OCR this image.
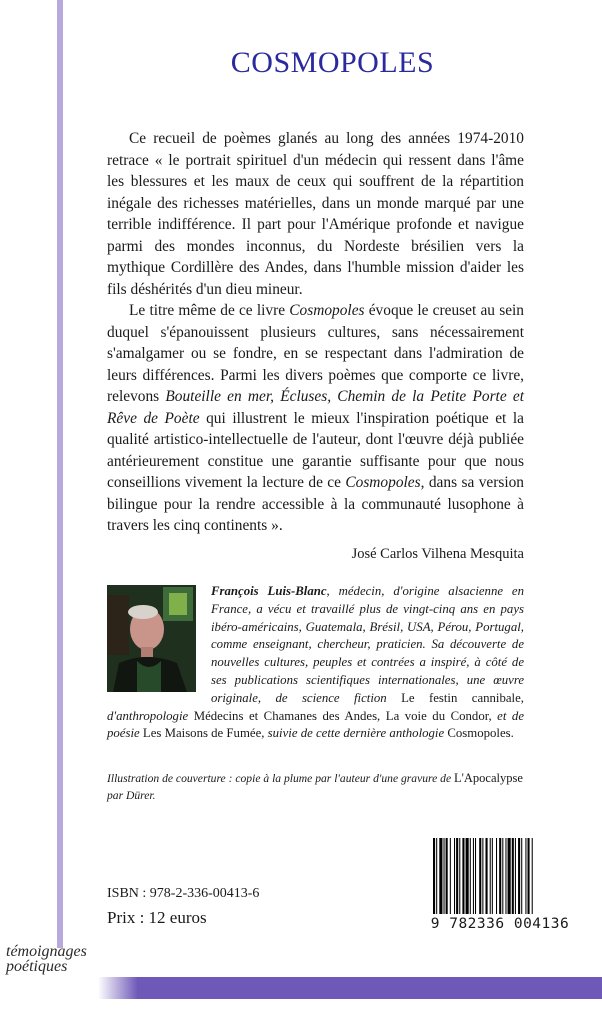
COSMOPOLES

Ce recueil de poèmes glanés au long des années 1974-2010 retrace « le portrait spirituel d'un médecin qui ressent dans l'âme les blessures et les maux de ceux qui souffrent de la répartition inégale des richesses matérielles, dans un monde marqué par une terrible indifférence. Il part pour l'Amérique profonde et navigue parmi des mondes inconnus, du Nordeste brésilien vers la mythique Cordillère des Andes, dans l'humble mission d'aider les fils déshérités d'un dieu mineur.

Le titre même de ce livre Cosmopoles évoque le creuset au sein duquel s'épanouissent plusieurs cultures, sans nécessairement s'amalgamer ou se fondre, en se respectant dans l'admiration de leurs différences. Parmi les divers poèmes que comporte ce livre, relevons Bouteille en mer, Écluses, Chemin de la Petite Porte et Rêve de Poète qui illustrent le mieux l'inspiration poétique et la qualité artistico-intellectuelle de l'auteur, dont l'œuvre déjà publiée antérieurement constitue une garantie suffisante pour que nous conseillions vivement la lecture de ce Cosmopoles, dans sa version bilingue pour la rendre accessible à la communauté lusophone à travers les cinq continents ».

José Carlos Vilhena Mesquita
François Luis-Blanc, médecin, d'origine alsacienne en France, a vécu et travaillé plus de vingt-cinq ans en pays ibéro-américains, Guatemala, Brésil, USA, Pérou, Portugal, comme enseignant, chercheur, praticien. Sa découverte de nouvelles cultures, peuples et contrées a inspiré, à côté de ses publications scientifiques internationales, une œuvre originale, de science fiction Le festin cannibale, d'anthropologie Médecins et Chamanes des Andes, La voie du Condor, et de poésie Les Maisons de Fumée, suivie de cette dernière anthologie Cosmopoles.
Illustration de couverture : copie à la plume par l'auteur d'une gravure de L'Apocalypse par Dürer.
ISBN : 978-2-336-00413-6
Prix : 12 euros	9 782336 004136
témoignages
poétiques
